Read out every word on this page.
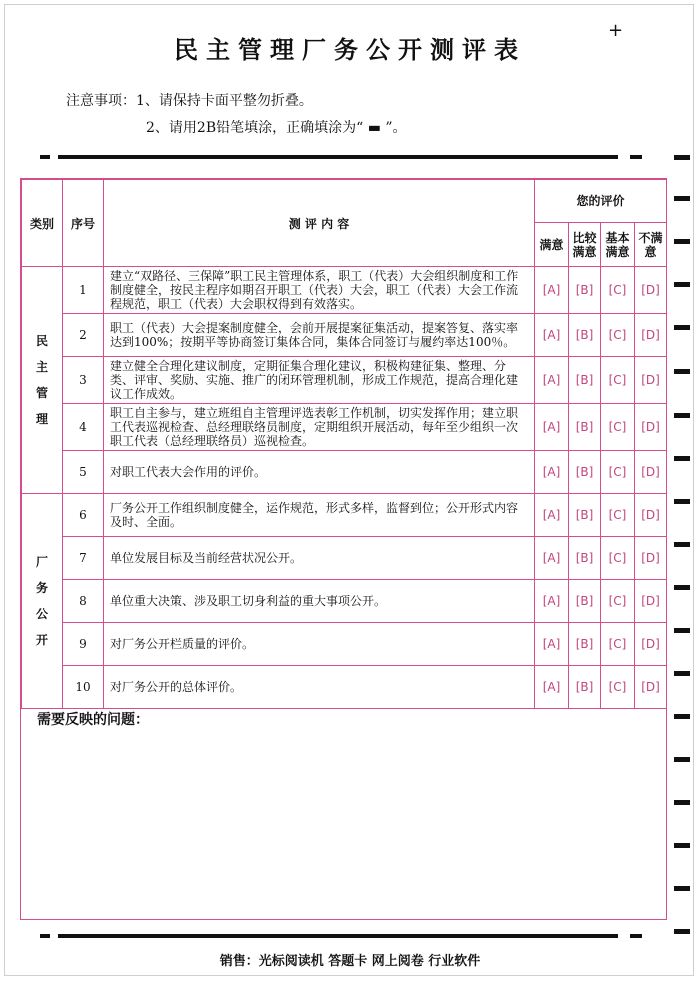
民主管理厂务公开测评表
+
注意事项：1、请保持卡面平整勿折叠。
2、请用2B铅笔填涂，正确填涂为“ ▬ ”。
类别	序号	测 评 内 容	您的评价			
			满意	比较满意	基本满意	不满意

民
主
管
理	1	建立“双路径、三保障”职工民主管理体系，职工（代表）大会组织制度和工作制度健全，按民主程序如期召开职工（代表）大会，职工（代表）大会工作流程规范，职工（代表）大会职权得到有效落实。	[A]	[B]	[C]	[D]
	2	职工（代表）大会提案制度健全，会前开展提案征集活动，提案答复、落实率达到100%；按期平等协商签订集体合同，集体合同签订与履约率达100％。	[A]	[B]	[C]	[D]
	3	建立健全合理化建议制度，定期征集合理化建议，积极构建征集、整理、分类、评审、奖励、实施、推广的闭环管理机制，形成工作规范，提高合理化建议工作成效。	[A]	[B]	[C]	[D]
	4	职工自主参与，建立班组自主管理评选表彰工作机制，切实发挥作用；建立职工代表巡视检查、总经理联络员制度，定期组织开展活动，每年至少组织一次职工代表（总经理联络员）巡视检查。	[A]	[B]	[C]	[D]
	5	对职工代表大会作用的评价。	[A]	[B]	[C]	[D]

厂
务
公
开	6	厂务公开工作组织制度健全，运作规范，形式多样，监督到位；公开形式内容及时、全面。	[A]	[B]	[C]	[D]
	7	单位发展目标及当前经营状况公开。	[A]	[B]	[C]	[D]
	8	单位重大决策、涉及职工切身利益的重大事项公开。	[A]	[B]	[C]	[D]
	9	对厂务公开栏质量的评价。	[A]	[B]	[C]	[D]
	10	对厂务公开的总体评价。	[A]	[B]	[C]	[D]
需要反映的问题：
销售：光标阅读机 答题卡 网上阅卷 行业软件
